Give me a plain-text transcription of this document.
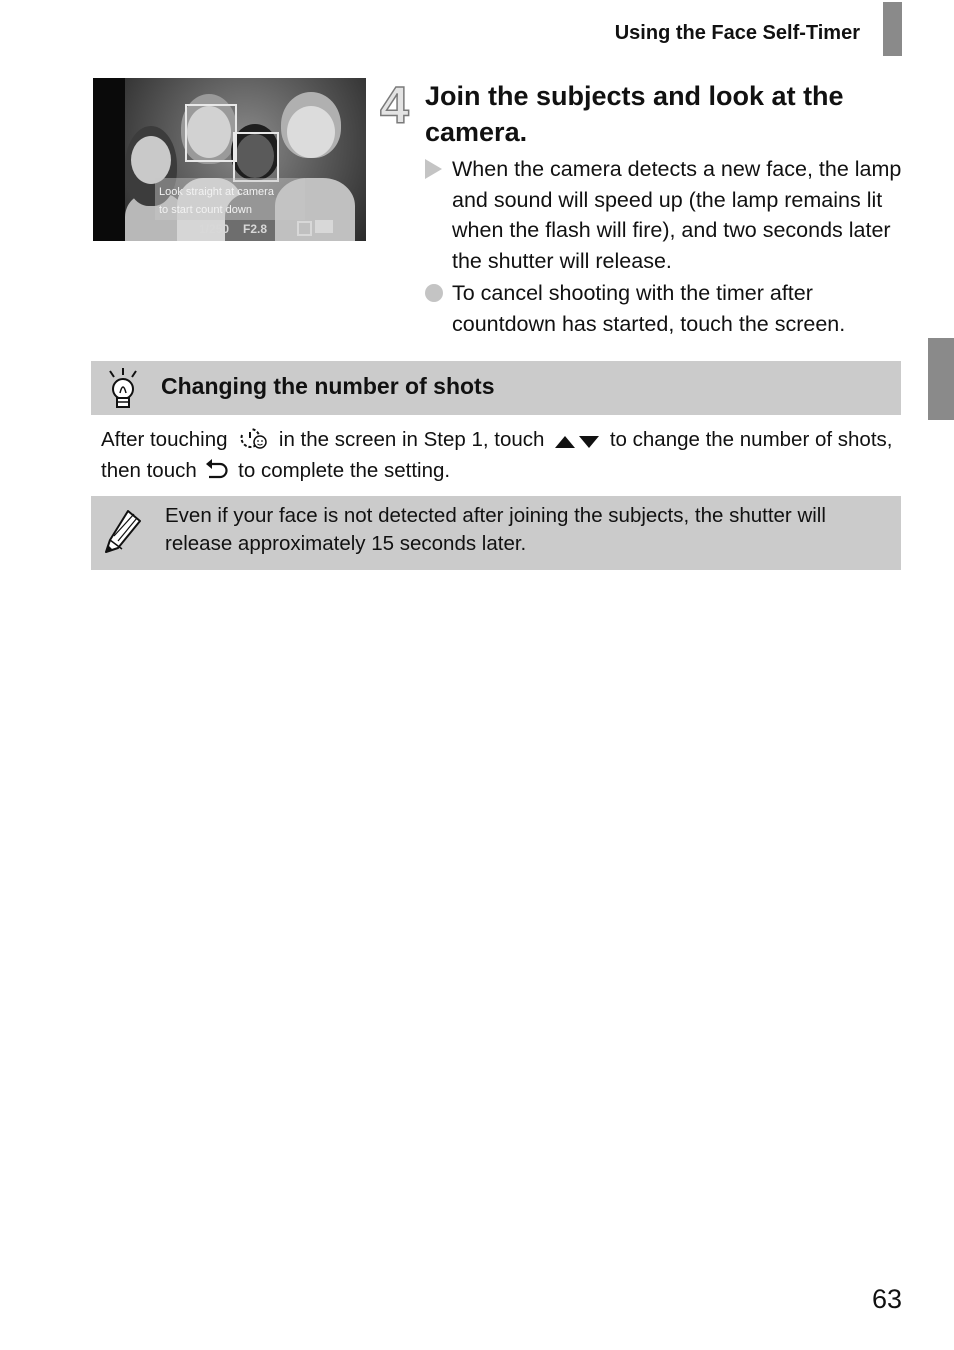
Using the Face Self-Timer
Look straight at camera
to start count down
1/250 F2.8
4 Join the subjects and look at the camera.
When the camera detects a new face, the lamp and sound will speed up (the lamp remains lit when the flash will fire), and two seconds later the shutter will release.
To cancel shooting with the timer after countdown has started, touch the screen.
Changing the number of shots
After touching	in the screen in Step 1, touch	to change the number of shots, then touch to complete the setting.
Even if your face is not detected after joining the subjects, the shutter will release approximately 15 seconds later.
63
